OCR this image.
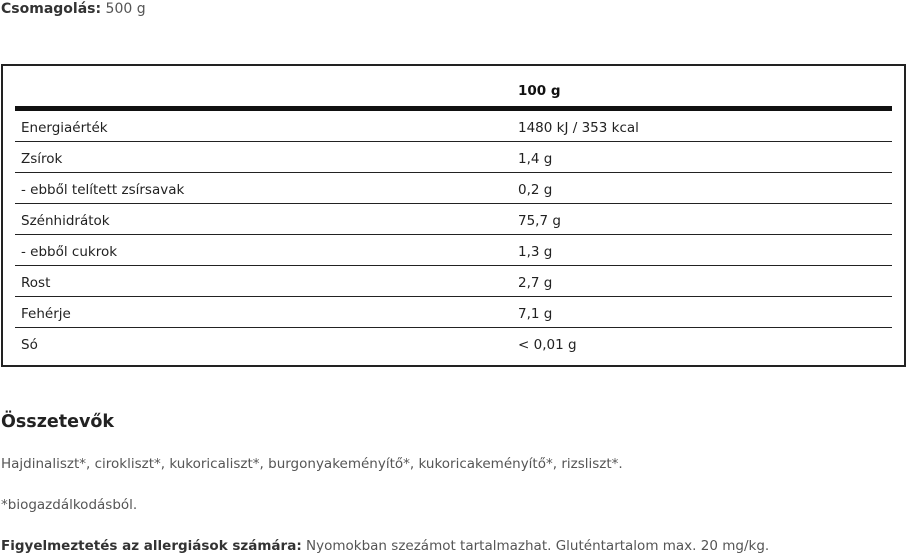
Csomagolás: 500 g
100 g
Energiaérték	1480 kJ / 353 kcal
Zsírok	1,4 g
- ebből telített zsírsavak	0,2 g
Szénhidrátok	75,7 g
- ebből cukrok	1,3 g
Rost	2,7 g
Fehérje	7,1 g
Só	< 0,01 g
Összetevők
Hajdinaliszt*, cirokliszt*, kukoricaliszt*, burgonyakeményítő*, kukoricakeményítő*, rizsliszt*.
*biogazdálkodásból.
Figyelmeztetés az allergiások számára: Nyomokban szezámot tartalmazhat. Gluténtartalom max. 20 mg/kg.
